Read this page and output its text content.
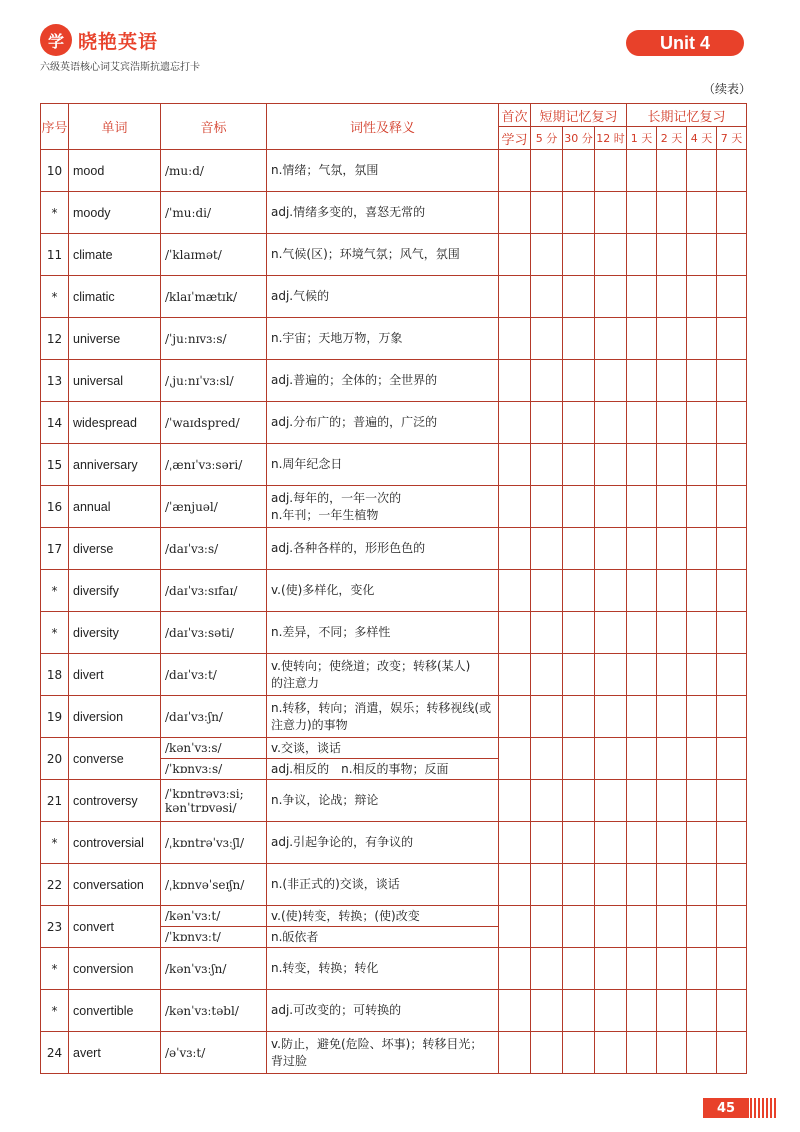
学 晓艳英语
六级英语核心词艾宾浩斯抗遗忘打卡
Unit 4
（续表）
序号	单词	音标	词性及释义	首次	短期记忆复习			长期记忆复习			
				学习	5 分	30 分	12 时	1 天	2 天	4 天	7 天
10	mood	/muːd/	n.情绪；气氛，氛围								
*	moody	/ˈmuːdi/	adj.情绪多变的，喜怒无常的								
11	climate	/ˈklaɪmət/	n.气候(区)；环境气氛；风气，氛围								
*	climatic	/klaɪˈmætɪk/	adj.气候的								
12	universe	/ˈjuːnɪvɜːs/	n.宇宙；天地万物，万象								
13	universal	/ˌjuːnɪˈvɜːsl/	adj.普遍的；全体的；全世界的								
14	widespread	/ˈwaɪdspred/	adj.分布广的；普遍的，广泛的								
15	anniversary	/ˌænɪˈvɜːsəri/	n.周年纪念日								
16	annual	/ˈænjuəl/	adj.每年的，一年一次的
n.年刊；一年生植物								

17	diverse	/daɪˈvɜːs/	adj.各种各样的，形形色色的								
*	diversify	/daɪˈvɜːsɪfaɪ/	v.(使)多样化，变化								
*	diversity	/daɪˈvɜːsəti/	n.差异，不同；多样性								
18	divert	/daɪˈvɜːt/	v.使转向；使绕道；改变；转移(某人)
的注意力								

19	diversion	/daɪˈvɜːʃn/	n.转移，转向；消遣，娱乐；转移视线(或
注意力)的事物								

20	converse	/kənˈvɜːs/	v.交谈，谈话								
		/ˈkɒnvɜːs/	adj.相反的　n.相反的事物；反面								
21	controversy	/ˈkɒntrəvɜːsi;
kənˈtrɒvəsi/	n.争议，论战；辩论								
*	controversial	/ˌkɒntrəˈvɜːʃl/	adj.引起争论的，有争议的								
22	conversation	/ˌkɒnvəˈseɪʃn/	n.(非正式的)交谈，谈话								
23	convert	/kənˈvɜːt/	v.(使)转变，转换；(使)改变								
		/ˈkɒnvɜːt/	n.皈依者								
*	conversion	/kənˈvɜːʃn/	n.转变，转换；转化								
*	convertible	/kənˈvɜːtəbl/	adj.可改变的；可转换的								
24	avert	/əˈvɜːt/	v.防止，避免(危险、坏事)；转移目光；
背过脸								

45
